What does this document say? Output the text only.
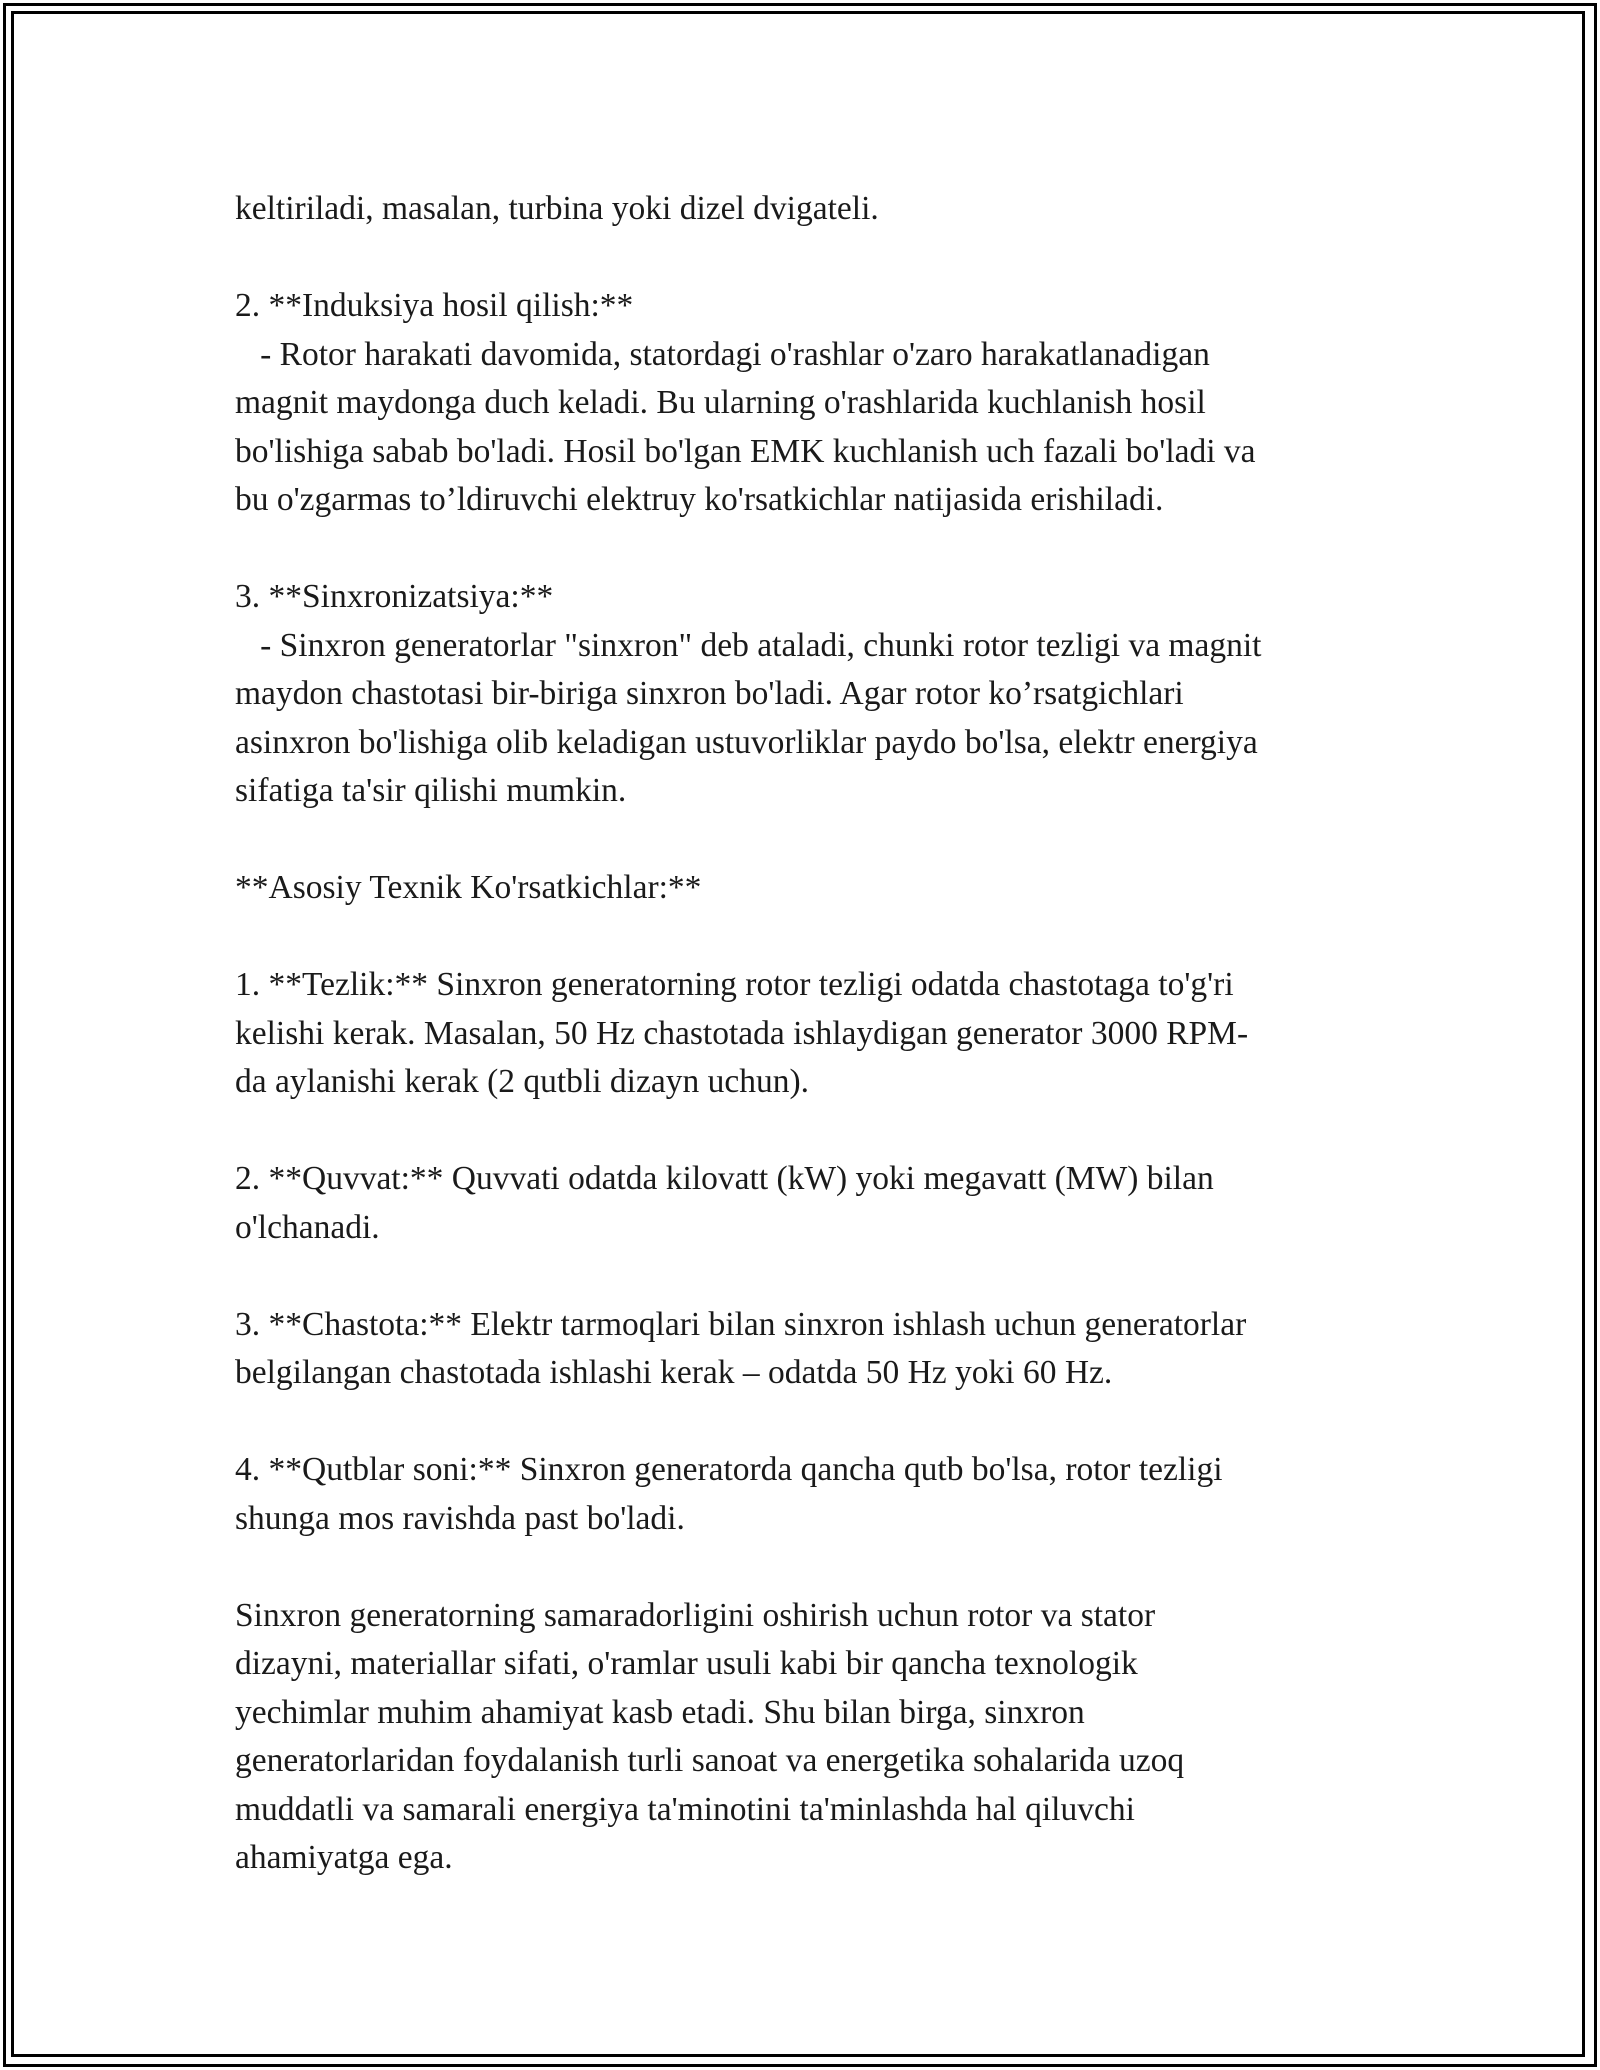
keltiriladi, masalan, turbina yoki dizel dvigateli.
2. **Induksiya hosil qilish:**
- Rotor harakati davomida, statordagi o'rashlar o'zaro harakatlanadigan
magnit maydonga duch keladi. Bu ularning o'rashlarida kuchlanish hosil
bo'lishiga sabab bo'ladi. Hosil bo'lgan EMK kuchlanish uch fazali bo'ladi va
bu o'zgarmas to’ldiruvchi elektruy ko'rsatkichlar natijasida erishiladi.
3. **Sinxronizatsiya:**
- Sinxron generatorlar "sinxron" deb ataladi, chunki rotor tezligi va magnit
maydon chastotasi bir-biriga sinxron bo'ladi. Agar rotor ko’rsatgichlari
asinxron bo'lishiga olib keladigan ustuvorliklar paydo bo'lsa, elektr energiya
sifatiga ta'sir qilishi mumkin.
**Asosiy Texnik Ko'rsatkichlar:**
1. **Tezlik:** Sinxron generatorning rotor tezligi odatda chastotaga to'g'ri
kelishi kerak. Masalan, 50 Hz chastotada ishlaydigan generator 3000 RPM-
da aylanishi kerak (2 qutbli dizayn uchun).
2. **Quvvat:** Quvvati odatda kilovatt (kW) yoki megavatt (MW) bilan
o'lchanadi.
3. **Chastota:** Elektr tarmoqlari bilan sinxron ishlash uchun generatorlar
belgilangan chastotada ishlashi kerak – odatda 50 Hz yoki 60 Hz.
4. **Qutblar soni:** Sinxron generatorda qancha qutb bo'lsa, rotor tezligi
shunga mos ravishda past bo'ladi.
Sinxron generatorning samaradorligini oshirish uchun rotor va stator
dizayni, materiallar sifati, o'ramlar usuli kabi bir qancha texnologik
yechimlar muhim ahamiyat kasb etadi. Shu bilan birga, sinxron
generatorlaridan foydalanish turli sanoat va energetika sohalarida uzoq
muddatli va samarali energiya ta'minotini ta'minlashda hal qiluvchi
ahamiyatga ega.
